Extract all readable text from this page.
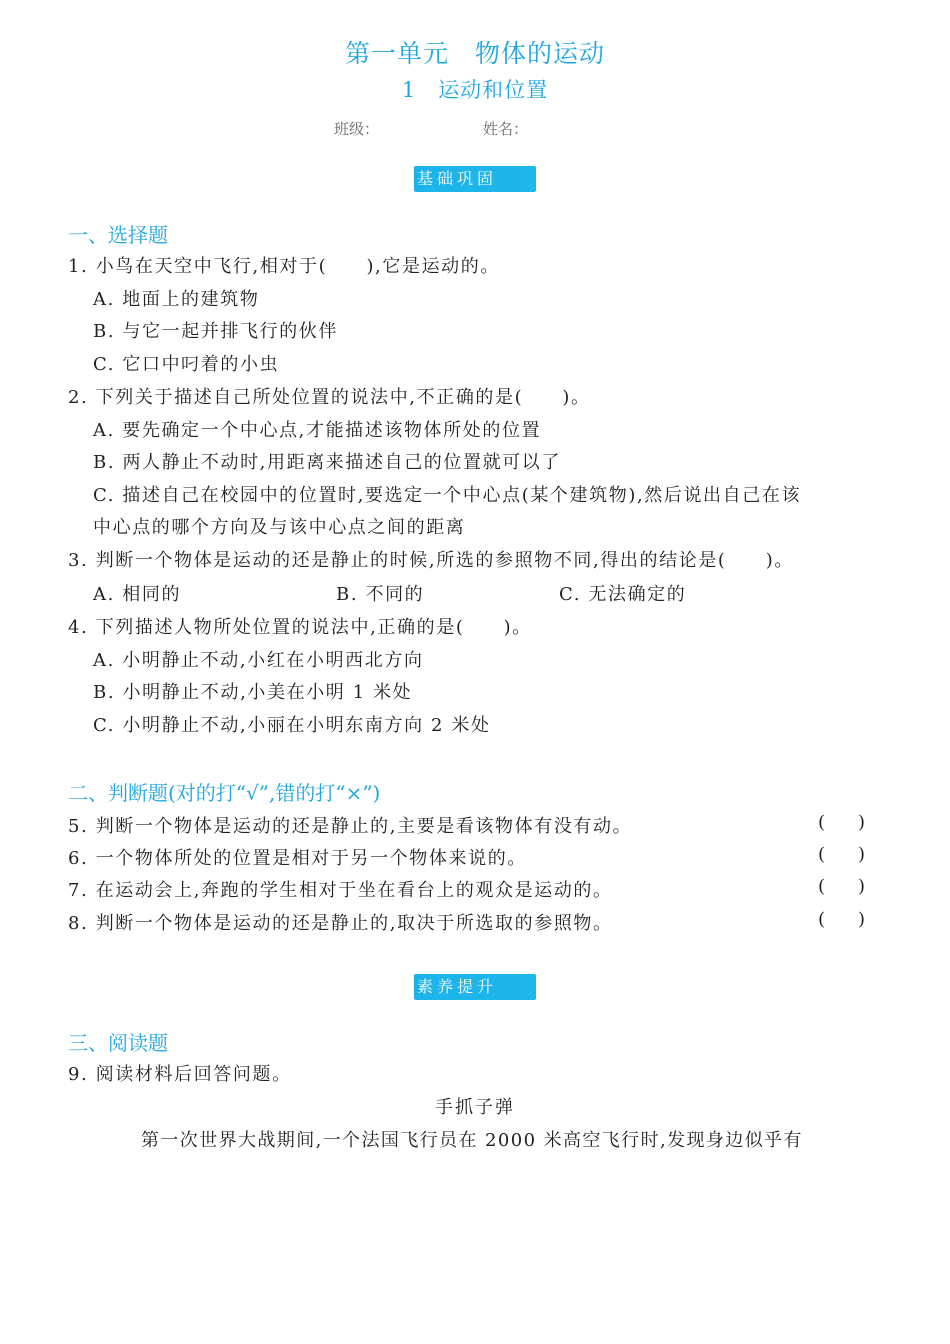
第一单元　物体的运动
1　运动和位置
班级：	姓名：
基础巩固
一、选择题
1. 小鸟在天空中飞行,相对于(　　),它是运动的。
A. 地面上的建筑物
B. 与它一起并排飞行的伙伴
C. 它口中叼着的小虫
2. 下列关于描述自己所处位置的说法中,不正确的是(　　)。
A. 要先确定一个中心点,才能描述该物体所处的位置
B. 两人静止不动时,用距离来描述自己的位置就可以了
C. 描述自己在校园中的位置时,要选定一个中心点(某个建筑物),然后说出自己在该
中心点的哪个方向及与该中心点之间的距离
3. 判断一个物体是运动的还是静止的时候,所选的参照物不同,得出的结论是(　　)。
A. 相同的	B. 不同的	C. 无法确定的
4. 下列描述人物所处位置的说法中,正确的是(　　)。
A. 小明静止不动,小红在小明西北方向
B. 小明静止不动,小美在小明 1 米处
C. 小明静止不动,小丽在小明东南方向 2 米处
二、判断题(对的打“√”,错的打“×”)
5. 判断一个物体是运动的还是静止的,主要是看该物体有没有动。	( )
6. 一个物体所处的位置是相对于另一个物体来说的。	( )
7. 在运动会上,奔跑的学生相对于坐在看台上的观众是运动的。	( )
8. 判断一个物体是运动的还是静止的,取决于所选取的参照物。	( )
素养提升
三、阅读题
9. 阅读材料后回答问题。
手抓子弹
第一次世界大战期间,一个法国飞行员在 2000 米高空飞行时,发现身边似乎有
